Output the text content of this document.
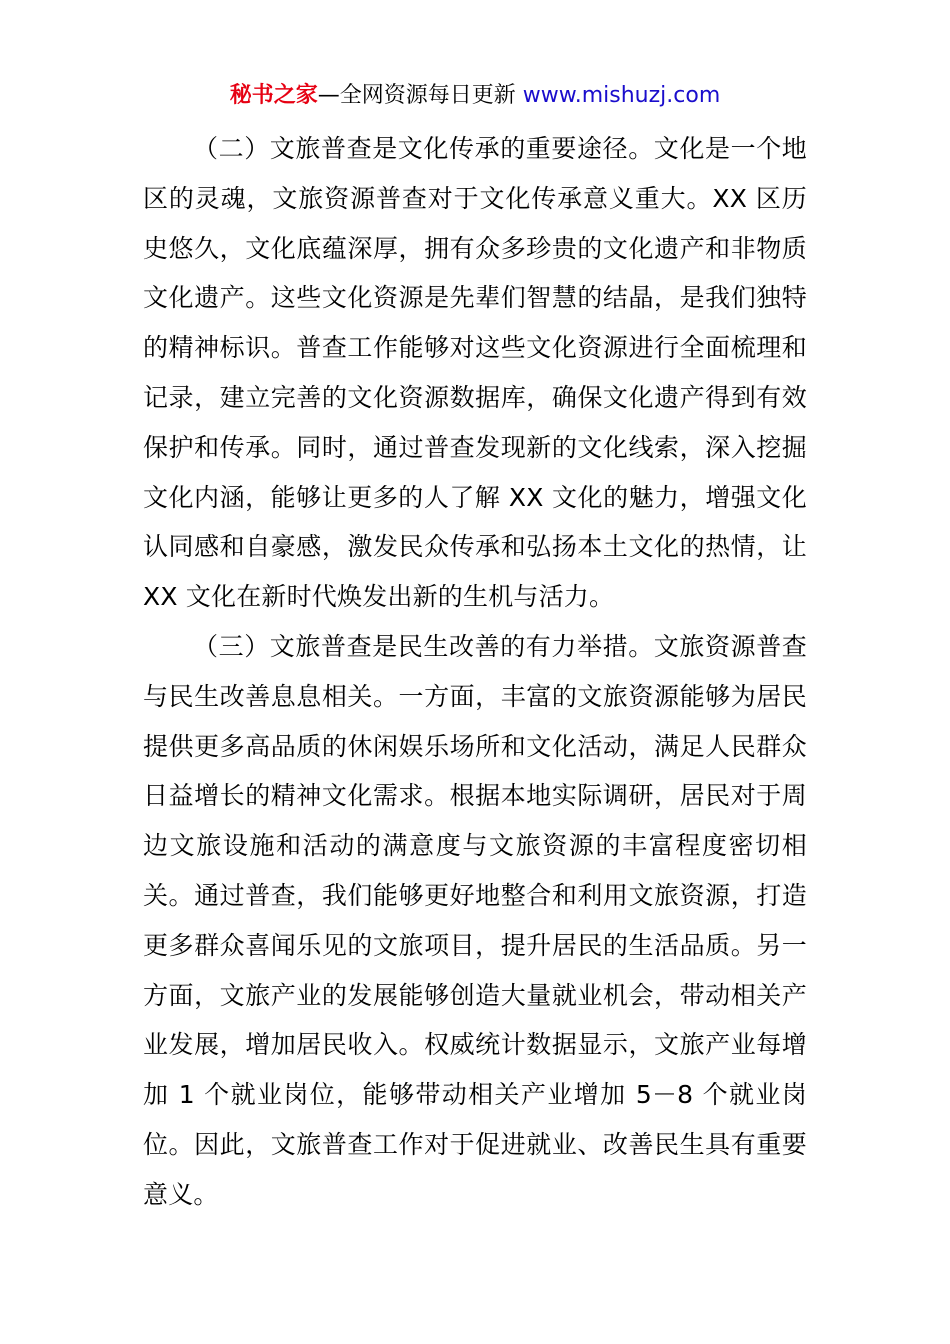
秘书之家—全网资源每日更新 www.mishuzj.com

（二）文旅普查是文化传承的重要途径。文化是一个地区的灵魂，文旅资源普查对于文化传承意义重大。XX 区历史悠久，文化底蕴深厚，拥有众多珍贵的文化遗产和非物质文化遗产。这些文化资源是先辈们智慧的结晶，是我们独特的精神标识。普查工作能够对这些文化资源进行全面梳理和记录，建立完善的文化资源数据库，确保文化遗产得到有效保护和传承。同时，通过普查发现新的文化线索，深入挖掘文化内涵，能够让更多的人了解 XX 文化的魅力，增强文化认同感和自豪感，激发民众传承和弘扬本土文化的热情，让 XX 文化在新时代焕发出新的生机与活力。

（三）文旅普查是民生改善的有力举措。文旅资源普查与民生改善息息相关。一方面，丰富的文旅资源能够为居民提供更多高品质的休闲娱乐场所和文化活动，满足人民群众日益增长的精神文化需求。根据本地实际调研，居民对于周边文旅设施和活动的满意度与文旅资源的丰富程度密切相关。通过普查，我们能够更好地整合和利用文旅资源，打造更多群众喜闻乐见的文旅项目，提升居民的生活品质。另一方面，文旅产业的发展能够创造大量就业机会，带动相关产业发展，增加居民收入。权威统计数据显示，文旅产业每增加 1 个就业岗位，能够带动相关产业增加 5－8 个就业岗位。因此，文旅普查工作对于促进就业、改善民生具有重要意义。
